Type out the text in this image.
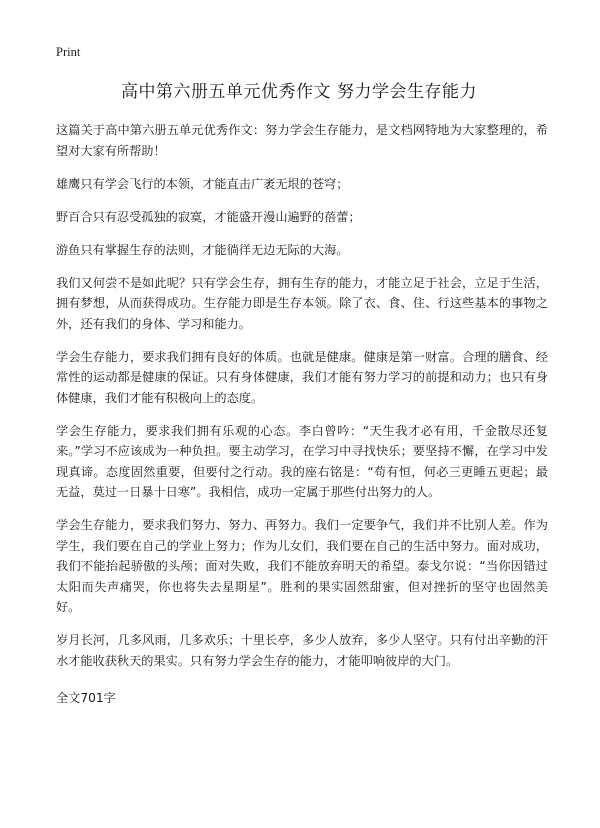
Print
高中第六册五单元优秀作文 努力学会生存能力

这篇关于高中第六册五单元优秀作文：努力学会生存能力，是文档网特地为大家整理的，希望对大家有所帮助！

雄鹰只有学会飞行的本领，才能直击广袤无垠的苍穹；

野百合只有忍受孤独的寂寞，才能盛开漫山遍野的蓓蕾；

游鱼只有掌握生存的法则，才能徜徉无边无际的大海。

我们又何尝不是如此呢？只有学会生存，拥有生存的能力，才能立足于社会，立足于生活，拥有梦想，从而获得成功。生存能力即是生存本领。除了衣、食、住、行这些基本的事物之外，还有我们的身体、学习和能力。

学会生存能力，要求我们拥有良好的体质。也就是健康。健康是第一财富。合理的膳食、经常性的运动都是健康的保证。只有身体健康，我们才能有努力学习的前提和动力；也只有身体健康，我们才能有积极向上的态度。

学会生存能力，要求我们拥有乐观的心态。李白曾吟：“天生我才必有用，千金散尽还复来。”学习不应该成为一种负担。要主动学习，在学习中寻找快乐；要坚持不懈，在学习中发现真谛。态度固然重要，但要付之行动。我的座右铭是：“苟有恒，何必三更睡五更起；最无益，莫过一日暴十日寒”。我相信，成功一定属于那些付出努力的人。

学会生存能力，要求我们努力、努力、再努力。我们一定要争气，我们并不比别人差。作为学生，我们要在自己的学业上努力；作为儿女们，我们要在自己的生活中努力。面对成功，我们不能抬起骄傲的头颅；面对失败，我们不能放弃明天的希望。泰戈尔说：“当你因错过太阳而失声痛哭，你也将失去星期星”。胜利的果实固然甜蜜，但对挫折的坚守也固然美好。

岁月长河，几多风雨，几多欢乐；十里长亭，多少人放弃，多少人坚守。只有付出辛勤的汗水才能收获秋天的果实。只有努力学会生存的能力，才能叩响彼岸的大门。

全文701字
